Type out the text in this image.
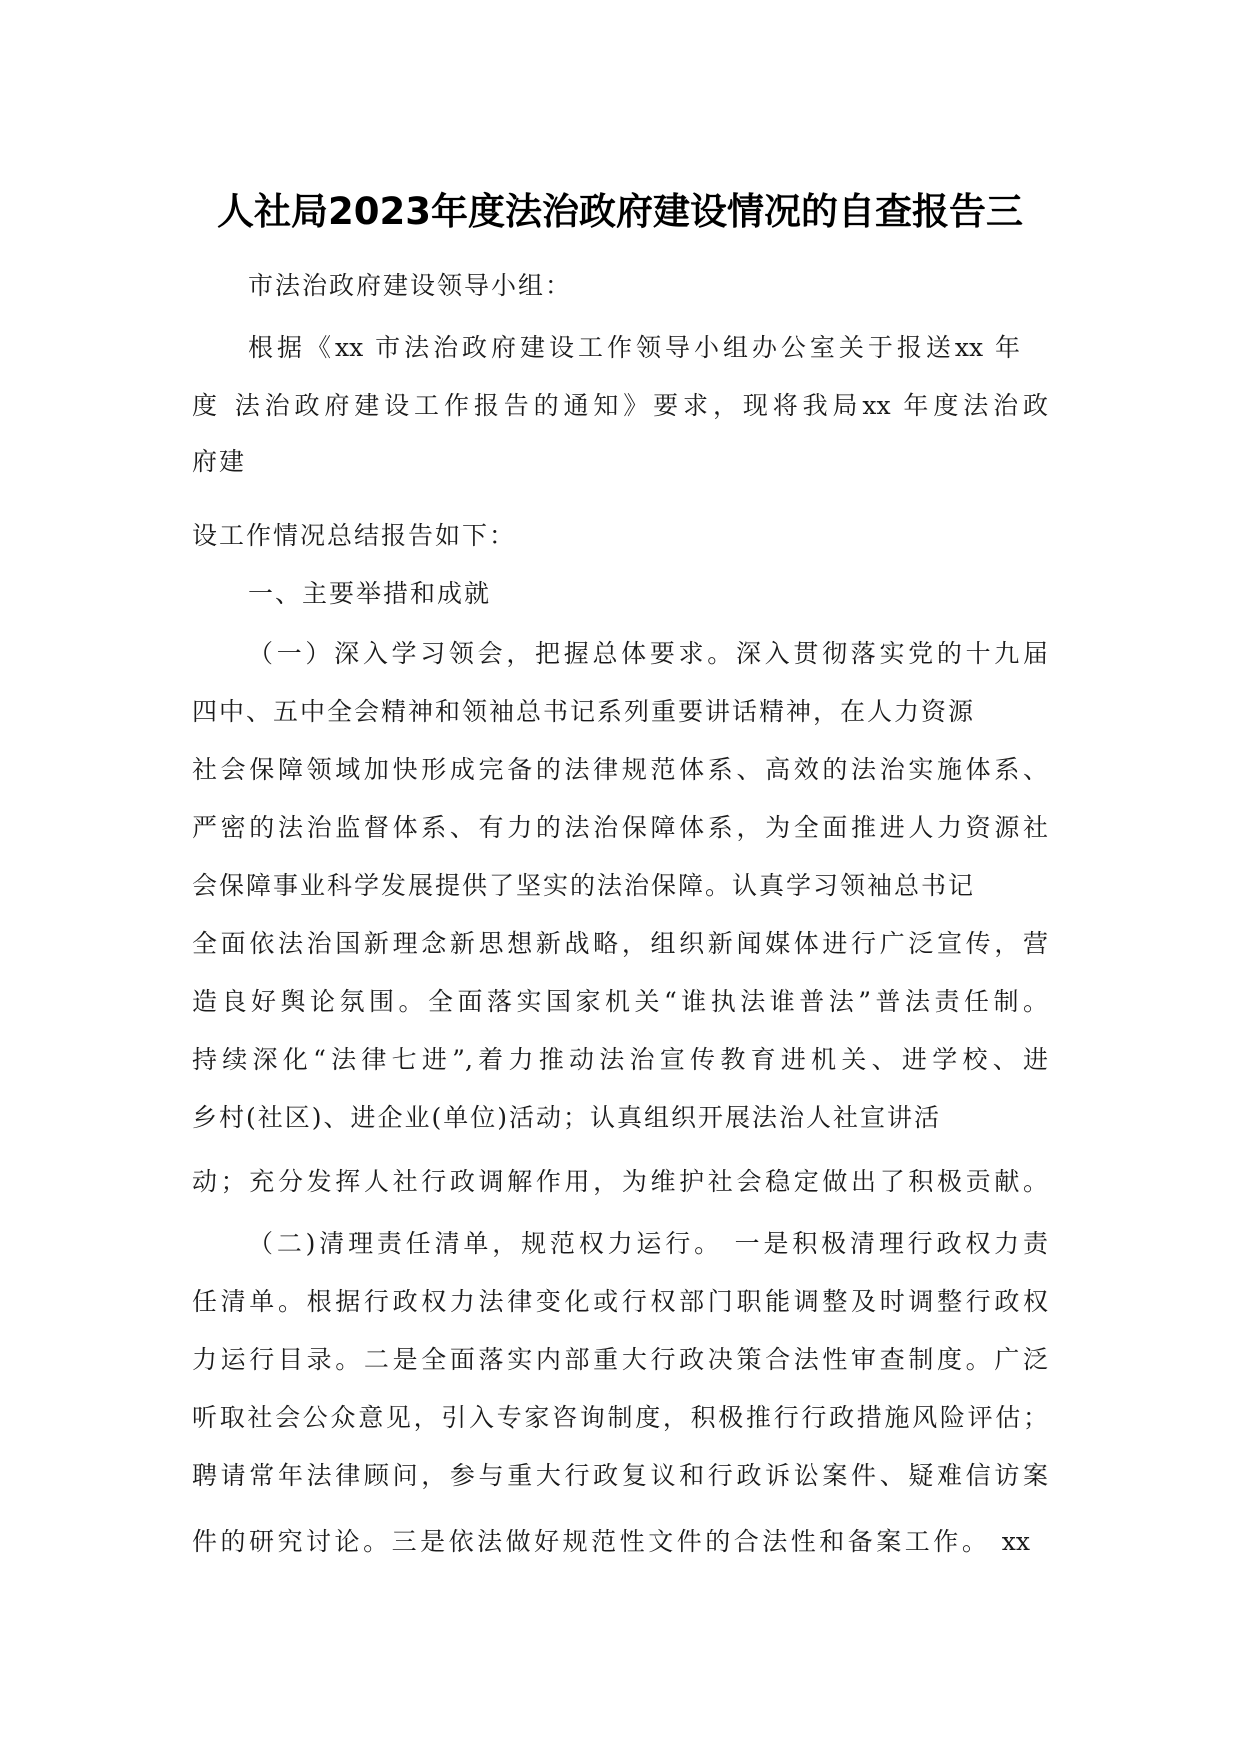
人社局2023年度法治政府建设情况的自查报告三
市法治政府建设领导小组：
根据《xx 市法治政府建设工作领导小组办公室关于报送xx 年
度 法治政府建设工作报告的通知》要求，现将我局xx 年度法治政
府建
设工作情况总结报告如下：
一、主要举措和成就
（一）深入学习领会，把握总体要求。深入贯彻落实党的十九届
四中、五中全会精神和领袖总书记系列重要讲话精神，在人力资源
社会保障领域加快形成完备的法律规范体系、高效的法治实施体系、
严密的法治监督体系、有力的法治保障体系，为全面推进人力资源社
会保障事业科学发展提供了坚实的法治保障。认真学习领袖总书记
全面依法治国新理念新思想新战略，组织新闻媒体进行广泛宣传，营
造良好舆论氛围。全面落实国家机关“谁执法谁普法”普法责任制。
持续深化“法律七进”,着力推动法治宣传教育进机关、进学校、进
乡村(社区)、进企业(单位)活动；认真组织开展法治人社宣讲活
动；充分发挥人社行政调解作用，为维护社会稳定做出了积极贡献。
（二)清理责任清单，规范权力运行。 一是积极清理行政权力责
任清单。根据行政权力法律变化或行权部门职能调整及时调整行政权
力运行目录。二是全面落实内部重大行政决策合法性审查制度。广泛
听取社会公众意见，引入专家咨询制度，积极推行行政措施风险评估；
聘请常年法律顾问，参与重大行政复议和行政诉讼案件、疑难信访案
件的研究讨论。三是依法做好规范性文件的合法性和备案工作。 xx
